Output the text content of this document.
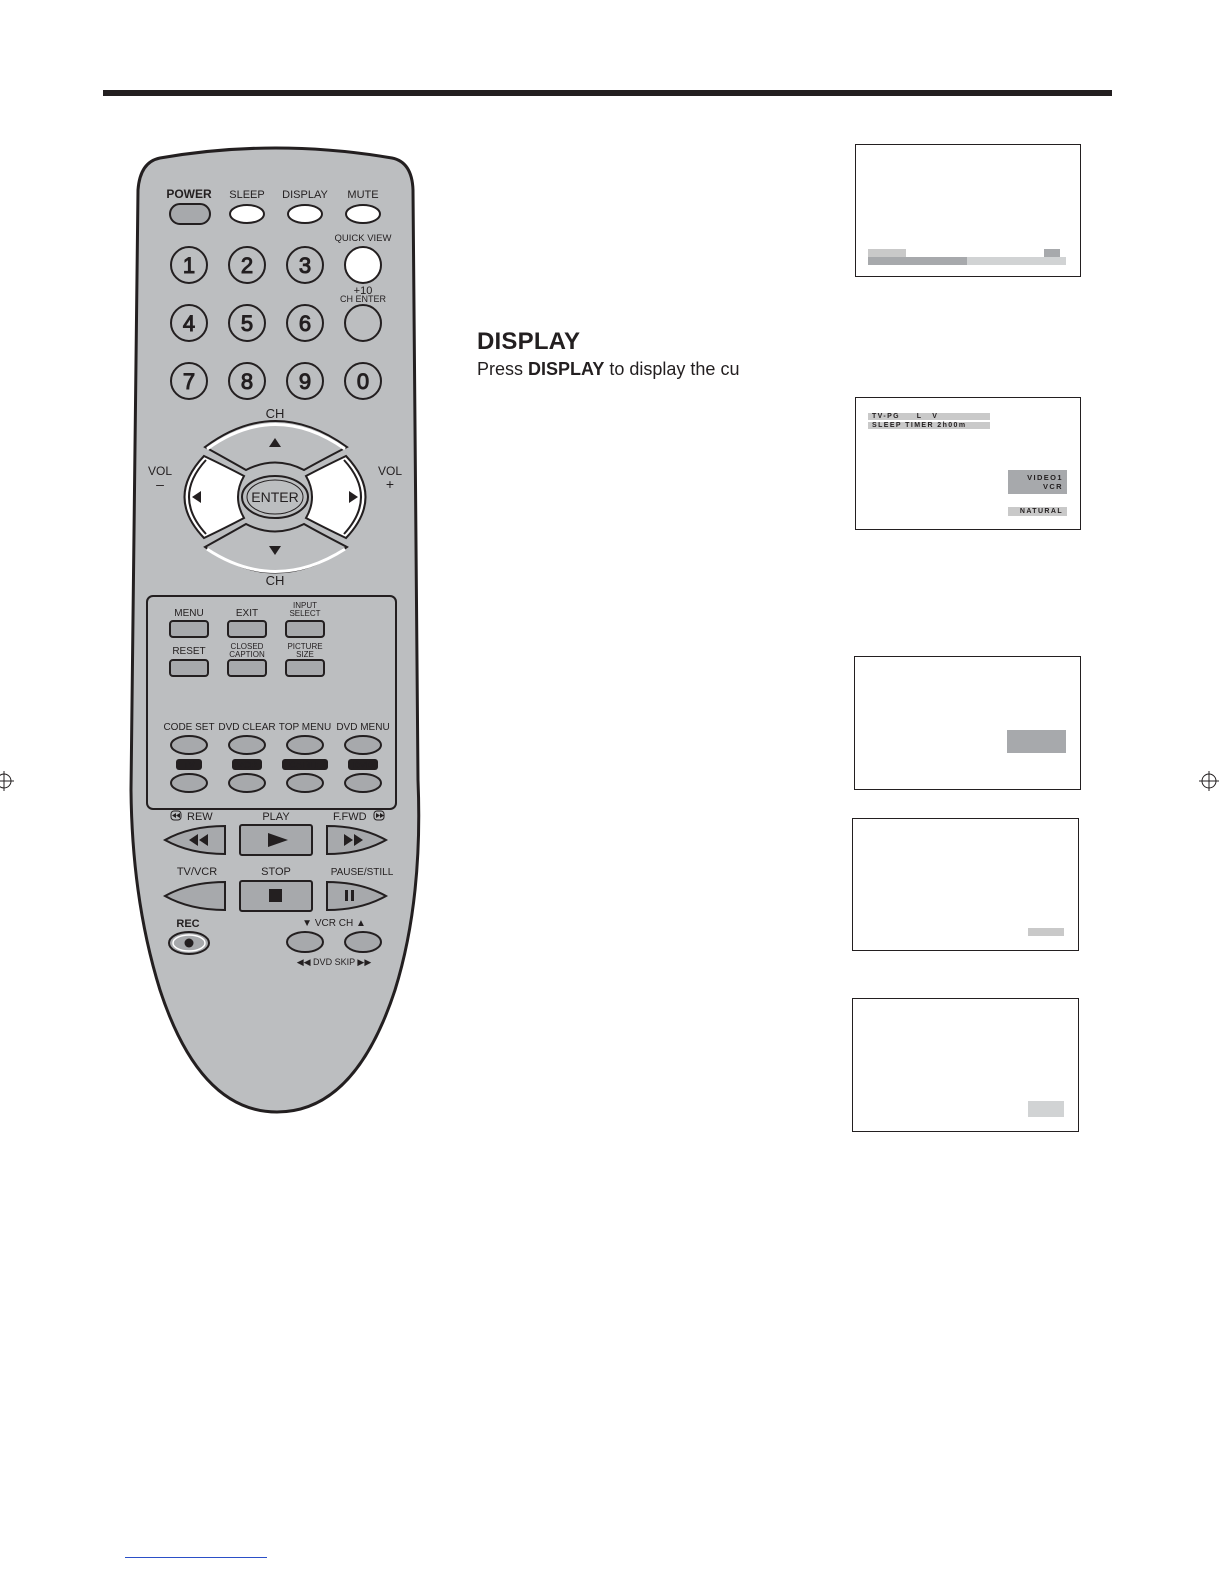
POWER SLEEP DISPLAY MUTE
QUICK VIEW
+10
CH ENTER
1 2 3
4 5 6
7 8 9 0
CH
CH
VOL
–
VOL
+
ENTER
MENU	EXIT
INPUT
SELECT
RESET	CLOSED
CAPTION
PICTURE
SIZE
CODE SET DVD CLEAR TOP MENU DVD MENU
TV	VCR	CABLE	DVD
REW	PLAY	F.FWD
TV/VCR	STOP	PAUSE/STILL
REC	▼ VCR CH ▲
◀◀ DVD SKIP ▶▶
DISPLAY
Press DISPLAY to display the cu
TV-PG     L   V
SLEEP TIMER 2h00m
VIDEO1
VCR
NATURAL
